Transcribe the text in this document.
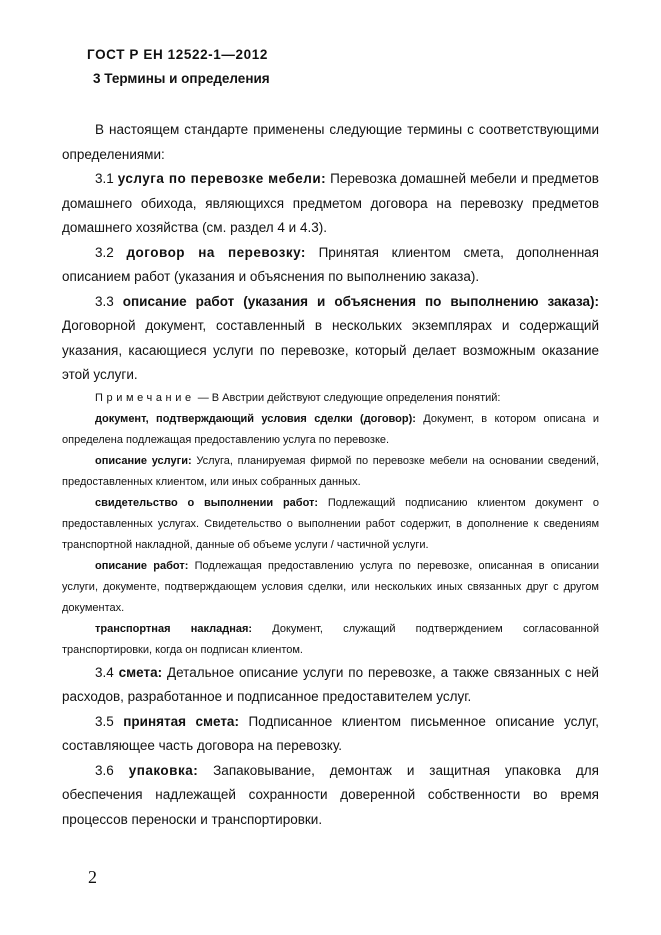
ГОСТ Р ЕН 12522-1—2012

3 Термины и определения

В настоящем стандарте применены следующие термины с соответствующими определениями:

3.1 услуга по перевозке мебели: Перевозка домашней мебели и предметов домашнего обихода, являющихся предметом договора на перевозку предметов домашнего хозяйства (см. раздел 4 и 4.3).

3.2 договор на перевозку: Принятая клиентом смета, дополненная описанием работ (указания и объяснения по выполнению заказа).

3.3 описание работ (указания и объяснения по выполнению заказа): Договорной документ, составленный в нескольких экземплярах и содержащий указания, касающиеся услуги по перевозке, который делает возможным оказание этой услуги.

Примечание — В Австрии действуют следующие определения понятий:

документ, подтверждающий условия сделки (договор): Документ, в котором описана и определена подлежащая предоставлению услуга по перевозке.

описание услуги: Услуга, планируемая фирмой по перевозке мебели на основании сведений, предоставленных клиентом, или иных собранных данных.

свидетельство о выполнении работ: Подлежащий подписанию клиентом документ о предоставленных услугах. Свидетельство о выполнении работ содержит, в дополнение к сведениям транспортной накладной, данные об объеме услуги / частичной услуги.

описание работ: Подлежащая предоставлению услуга по перевозке, описанная в описании услуги, документе, подтверждающем условия сделки, или нескольких иных связанных друг с другом документах.

транспортная накладная: Документ, служащий подтверждением согласованной транспортировки, когда он подписан клиентом.

3.4 смета: Детальное описание услуги по перевозке, а также связанных с ней расходов, разработанное и подписанное предоставителем услуг.

3.5 принятая смета: Подписанное клиентом письменное описание услуг, составляющее часть договора на перевозку.

3.6 упаковка: Запаковывание, демонтаж и защитная упаковка для обеспечения надлежащей сохранности доверенной собственности во время процессов переноски и транспортировки.

2
